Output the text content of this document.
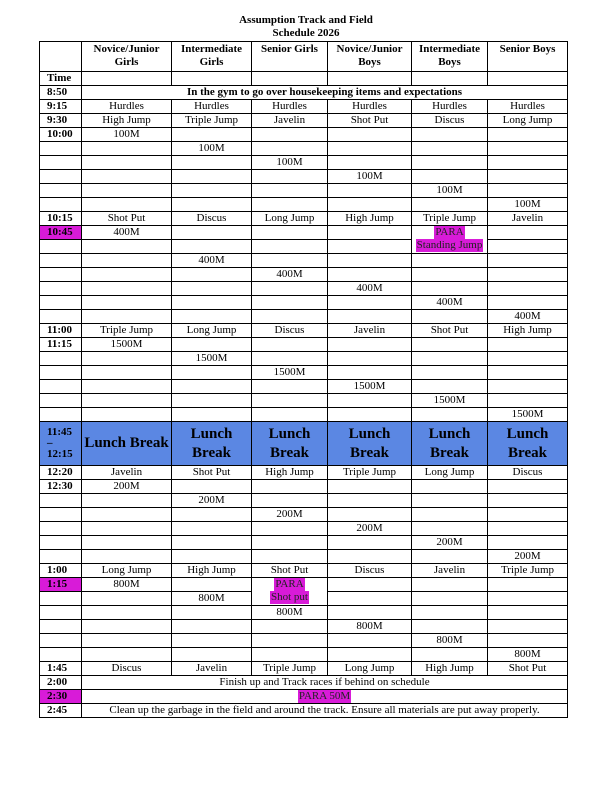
Assumption Track and Field
Schedule 2026
	Novice/Junior Girls	Intermediate Girls	Senior Girls	Novice/Junior Boys	Intermediate Boys	Senior Boys
Time						
8:50	In the gym to go over housekeeping items and expectations					
9:15	Hurdles	Hurdles	Hurdles	Hurdles	Hurdles	Hurdles
9:30	High Jump	Triple Jump	Javelin	Shot Put	Discus	Long Jump
10:00	100M					
		100M				
			100M			
				100M		
					100M	
						100M
10:15	Shot Put	Discus	Long Jump	High Jump	Triple Jump	Javelin
10:45	400M				PARA
Standing Jump	

		400M				
			400M			
				400M		
					400M	
						400M
11:00	Triple Jump	Long Jump	Discus	Javelin	Shot Put	High Jump
11:15	1500M					
		1500M				
			1500M			
				1500M		
					1500M	
						1500M
11:45
–
12:15	Lunch Break	Lunch Break	Lunch Break	Lunch Break	Lunch Break	Lunch Break
12:20	Javelin	Shot Put	High Jump	Triple Jump	Long Jump	Discus
12:30	200M					
		200M				
			200M			
				200M		
					200M	
						200M
1:00	Long Jump	High Jump	Shot Put	Discus	Javelin	Triple Jump
1:15	800M		PARA
Shot put			
		800M				
			800M			
				800M		
					800M	
						800M
1:45	Discus	Javelin	Triple Jump	Long Jump	High Jump	Shot Put
2:00	Finish up and Track races if behind on schedule					
2:30	PARA 50M					
2:45	Clean up the garbage in the field and around the track. Ensure all materials are put away properly.					
